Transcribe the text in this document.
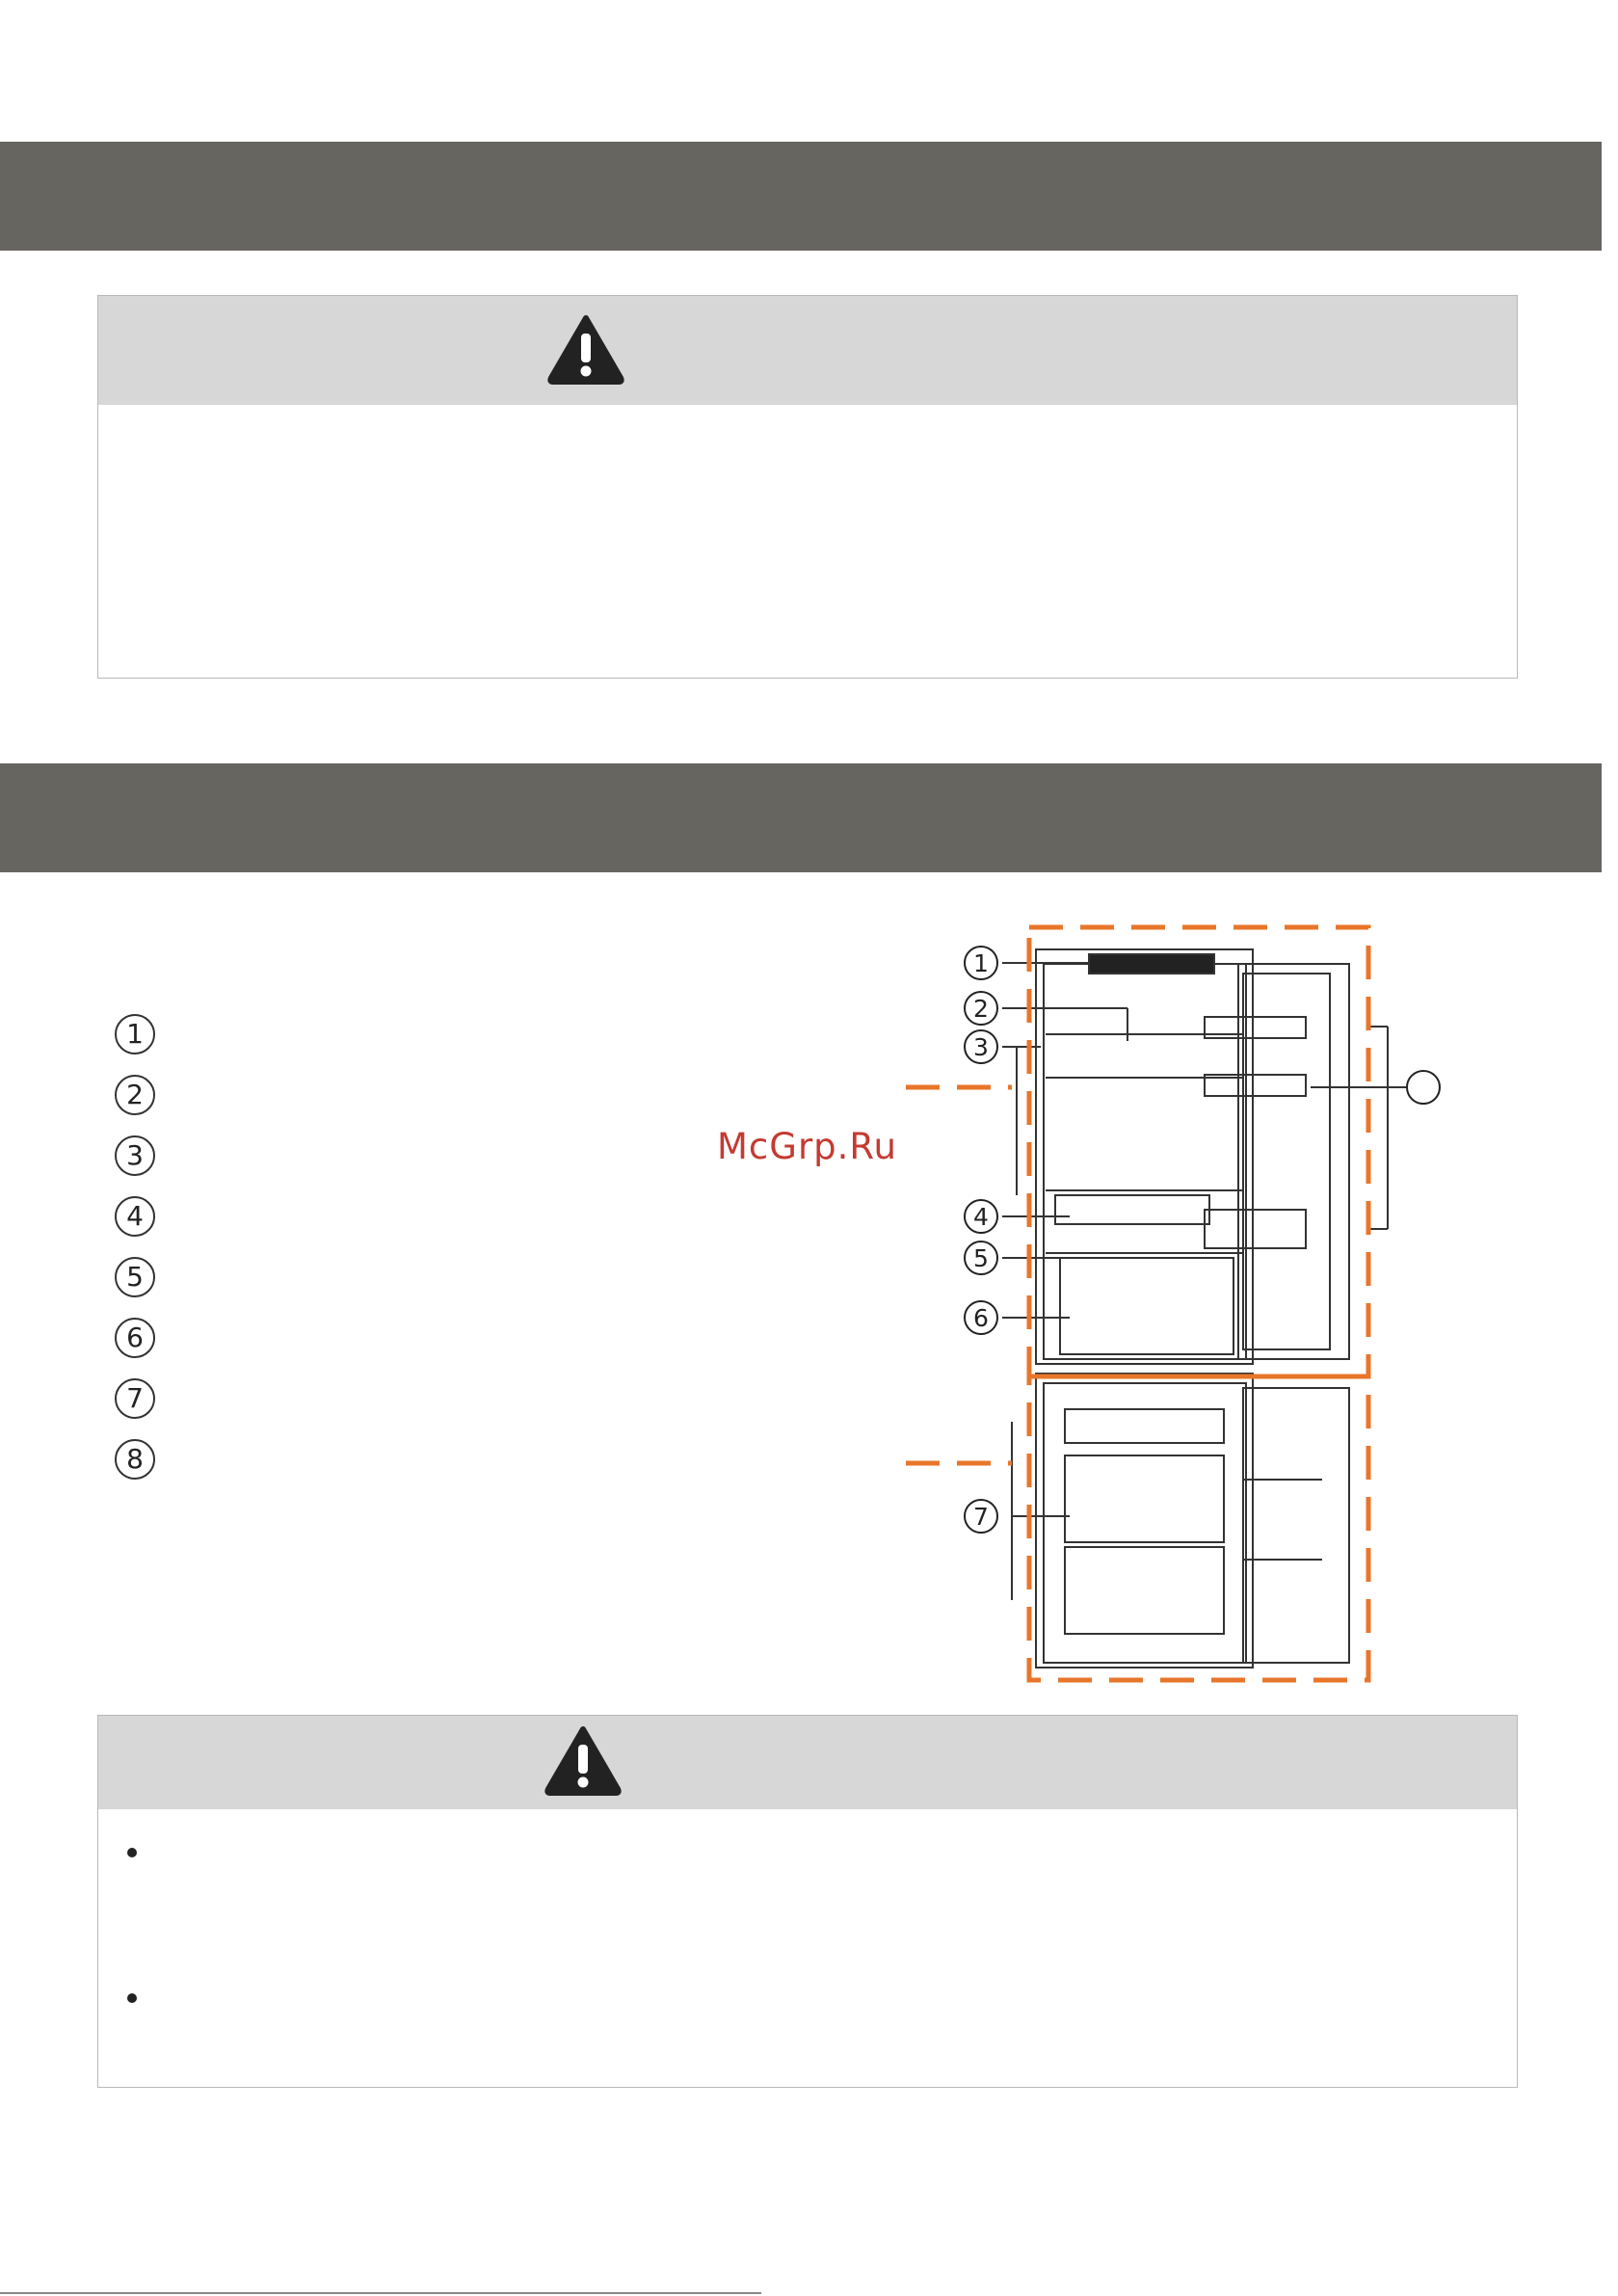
1
2
3
4
5
6
7
8
1
2
3
4
5
6
7
McGrp.Ru
